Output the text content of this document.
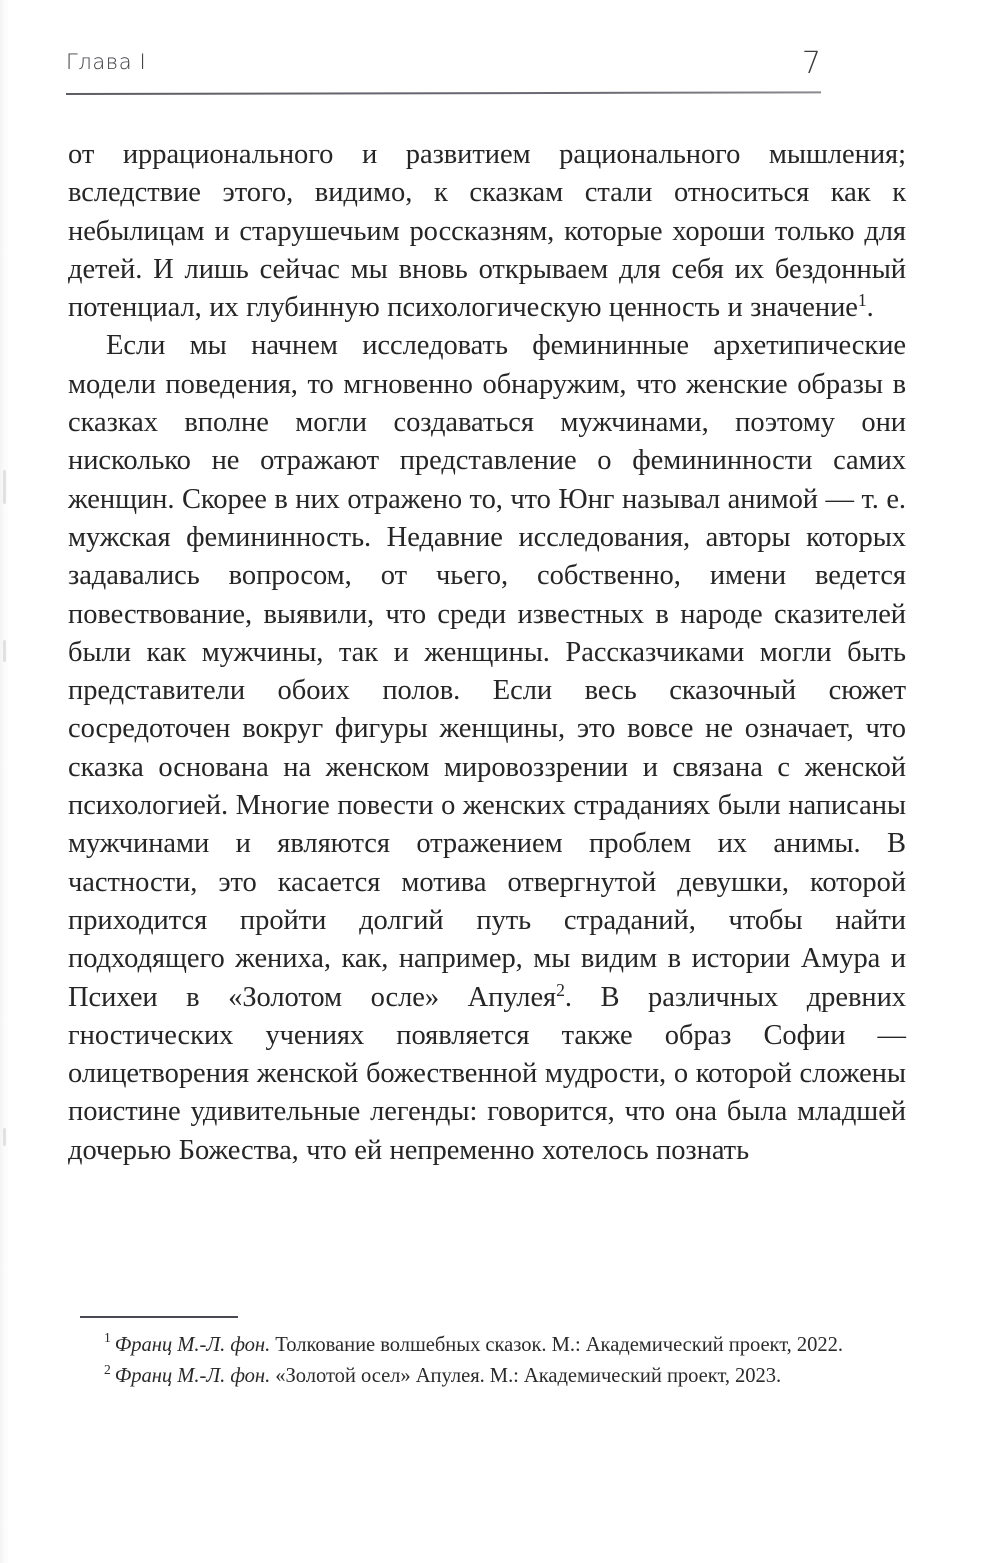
Глава I	7

от иррационального и развитием рационального мышления; вследствие этого, видимо, к сказкам стали относиться как к небылицам и старушечьим россказням, которые хороши только для детей. И лишь сейчас мы вновь открываем для себя их бездонный потенциал, их глубинную психологическую ценность и значение$^1$.

Если мы начнем исследовать фемининные архетипические модели поведения, то мгновенно обнаружим, что женские образы в сказках вполне могли создаваться мужчинами, поэтому они нисколько не отражают представление о фемининности самих женщин. Скорее в них отражено то, что Юнг называл анимой — т. е. мужская фемининность. Недавние исследования, авторы которых задавались вопросом, от чьего, собственно, имени ведется повествование, выявили, что среди известных в народе сказителей были как мужчины, так и женщины. Рассказчиками могли быть представители обоих полов. Если весь сказочный сюжет сосредоточен вокруг фигуры женщины, это вовсе не означает, что сказка основана на женском мировоззрении и связана с женской психологией. Многие повести о женских страданиях были написаны мужчинами и являются отражением проблем их анимы. В частности, это касается мотива отвергнутой девушки, которой приходится пройти долгий путь страданий, чтобы найти подходящего жениха, как, например, мы видим в истории Амура и Психеи в «Золотом осле» Апулея$^2$. В различных древних гностических учениях появляется также образ Софии — олицетворения женской божественной мудрости, о которой сложены поистине удивительные легенды: говорится, что она была младшей дочерью Божества, что ей непременно хотелось познать

$^1$ Франц М.-Л. фон. Толкование волшебных сказок. М.: Академический проект, 2022.

$^2$ Франц М.-Л. фон. «Золотой осел» Апулея. М.: Академический проект, 2023.
